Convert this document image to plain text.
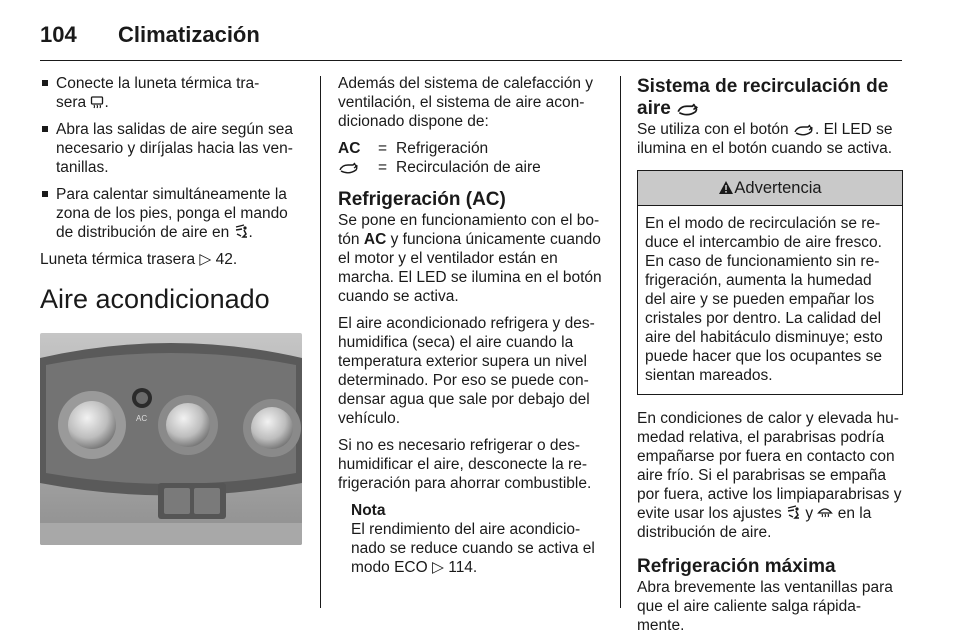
104 Climatización
Conecte la luneta térmica tra-
sera .
Abra las salidas de aire según sea necesario y diríjalas hacia las ven-tanillas.
Para calentar simultáneamente la zona de los pies, ponga el mando de distribución de aire en .

Luneta térmica trasera ▷ 42.

Aire acondicionado
AC

Además del sistema de calefacción y ventilación, el sistema de aire acon-dicionado dispone de:

AC	= Refrigeración
= Recirculación de aire
Refrigeración (AC)

Se pone en funcionamiento con el bo-tón AC y funciona únicamente cuando el motor y el ventilador están en marcha. El LED se ilumina en el botón cuando se activa.

El aire acondicionado refrigera y des-humidifica (seca) el aire cuando la temperatura exterior supera un nivel determinado. Por eso se puede con-densar agua que sale por debajo del vehículo.

Si no es necesario refrigerar o des-humidificar el aire, desconecte la re-frigeración para ahorrar combustible.

Nota
El rendimiento del aire acondicio-nado se reduce cuando se activa el modo ECO ▷ 114.
Sistema de recirculación de
aire

Se utiliza con el botón . El LED se ilumina en el botón cuando se activa.

Advertencia

En el modo de recirculación se re-duce el intercambio de aire fresco. En caso de funcionamiento sin re-frigeración, aumenta la humedad del aire y se pueden empañar los cristales por dentro. La calidad del aire del habitáculo disminuye; esto puede hacer que los ocupantes se sientan mareados.

En condiciones de calor y elevada hu-medad relativa, el parabrisas podría empañarse por fuera en contacto con aire frío. Si el parabrisas se empaña por fuera, active los limpiaparabrisas y evite usar los ajustes y en la distribución de aire.

Refrigeración máxima

Abra brevemente las ventanillas para que el aire caliente salga rápida-mente.
